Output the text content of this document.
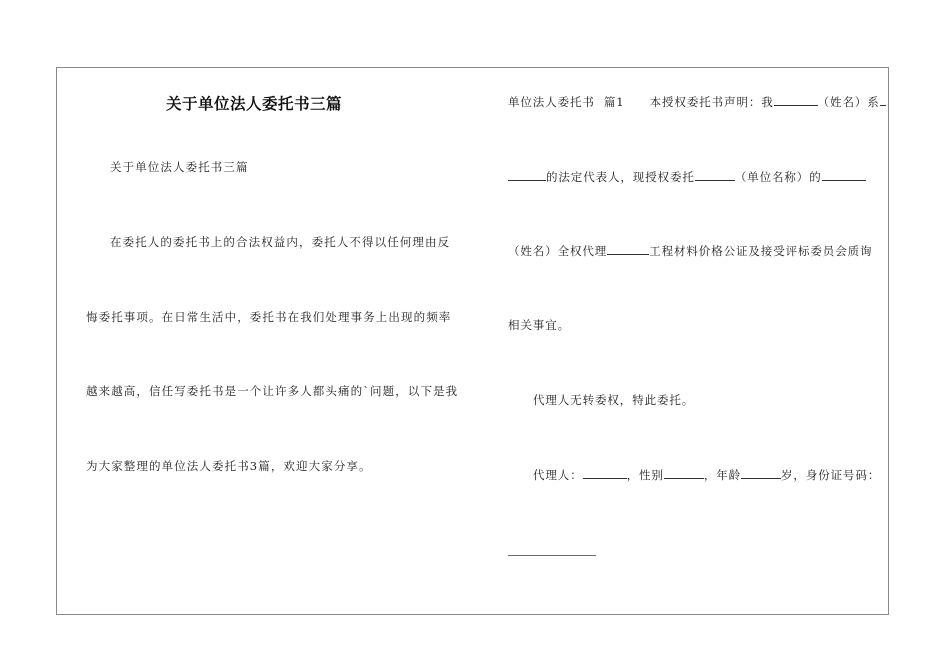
关于单位法人委托书三篇
关于单位法人委托书三篇
在委托人的委托书上的合法权益内，委托人不得以任何理由反
悔委托事项。在日常生活中，委托书在我们处理事务上出现的频率
越来越高，信任写委托书是一个让许多人都头痛的`问题，以下是我
为大家整理的单位法人委托书3篇，欢迎大家分享。
单位法人委托书  篇1 本授权委托书声明：我	（姓名）系
的法定代表人，现授权委托	（单位名称）的
（姓名）全权代理	工程材料价格公证及接受评标委员会质询
相关事宜。
代理人无转委权，特此委托。
代理人：	，性别	，年龄	岁，身份证号码：
